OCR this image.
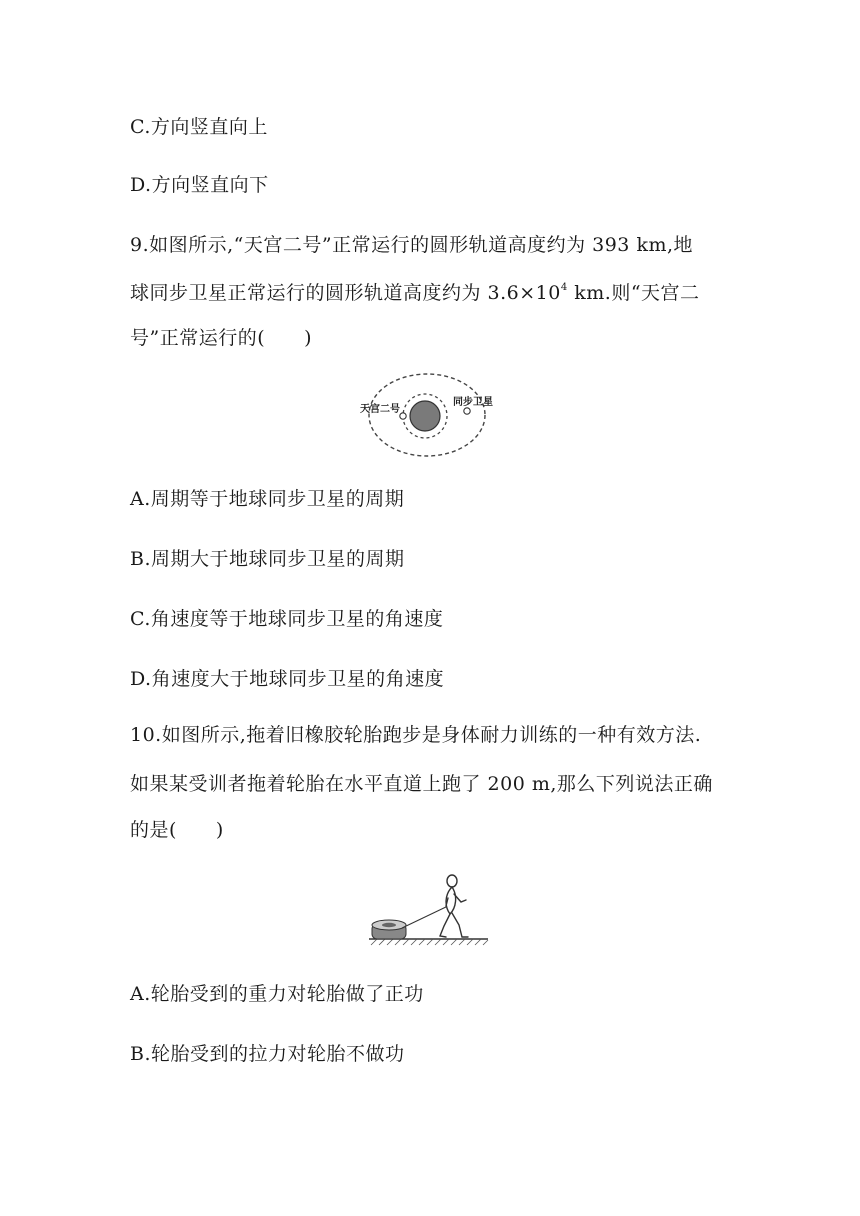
C.方向竖直向上
D.方向竖直向下
9.如图所示,“天宫二号”正常运行的圆形轨道高度约为 393 km,地
球同步卫星正常运行的圆形轨道高度约为 $3.6\times 10^4$ km.则“天宫二
号”正常运行的(　　)
天宫二号
同步卫星
A.周期等于地球同步卫星的周期
B.周期大于地球同步卫星的周期
C.角速度等于地球同步卫星的角速度
D.角速度大于地球同步卫星的角速度
10.如图所示,拖着旧橡胶轮胎跑步是身体耐力训练的一种有效方法.
如果某受训者拖着轮胎在水平直道上跑了 200 m,那么下列说法正确
的是(　　)
A.轮胎受到的重力对轮胎做了正功
B.轮胎受到的拉力对轮胎不做功
